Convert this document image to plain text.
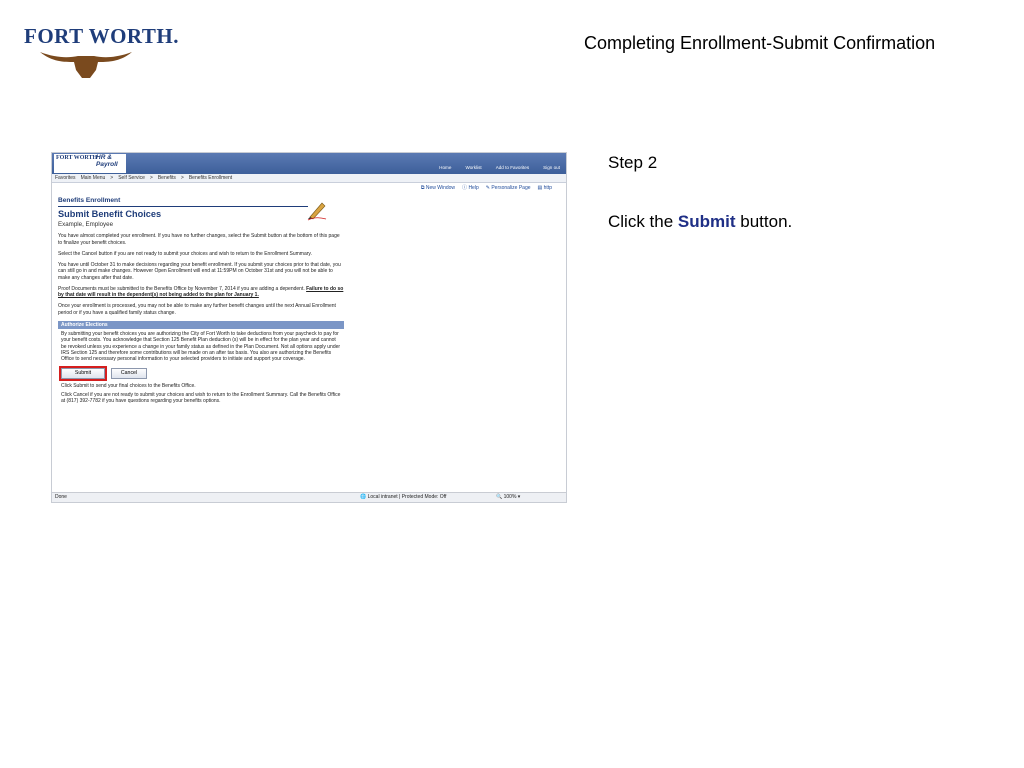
FORT WORTH.	Completing Enrollment-Submit Confirmation
FORT WORTH
HR &
Payroll	Home	Worklist	Add to Favorites	Sign out
Favorites Main Menu > Self Service > Benefits > Benefits Enrollment
⧉ New Window ⓘ Help ✎ Personalize Page ▤ http
Benefits Enrollment
Submit Benefit Choices
Example, Employee

You have almost completed your enrollment. If you have no further changes, select the Submit button at the bottom of this page to finalize your benefit choices.

Select the Cancel button if you are not ready to submit your choices and wish to return to the Enrollment Summary.

You have until October 31 to make decisions regarding your benefit enrollment. If you submit your choices prior to that date, you can still go in and make changes. However Open Enrollment will end at 11:59PM on October 31st and you will not be able to make any changes after that date.

Proof Documents must be submitted to the Benefits Office by November 7, 2014 if you are adding a dependent. Failure to do so by that date will result in the dependent(s) not being added to the plan for January 1.

Once your enrollment is processed, you may not be able to make any further benefit changes until the next Annual Enrollment period or if you have a qualified family status change.

Authorize Elections
By submitting your benefit choices you are authorizing the City of Fort Worth to take deductions from your paycheck to pay for your benefit costs. You acknowledge that Section 125 Benefit Plan deduction (s) will be in effect for the plan year and cannot be revoked unless you experience a change in your family status as defined in the Plan Document. Not all options apply under IRS Section 125 and therefore some contributions will be made on an after tax basis. You also are authorizing the Benefits Office to send necessary personal information to your selected providers to initiate and support your coverage.
Submit	Cancel

Click Submit to send your final choices to the Benefits Office.

Click Cancel if you are not ready to submit your choices and wish to return to the Enrollment Summary. Call the Benefits Office at (817) 392-7782 if you have questions regarding your benefits options.

Done	🌐 Local intranet | Protected Mode: Off	🔍 100% ▾
Step 2
Click the Submit button.
